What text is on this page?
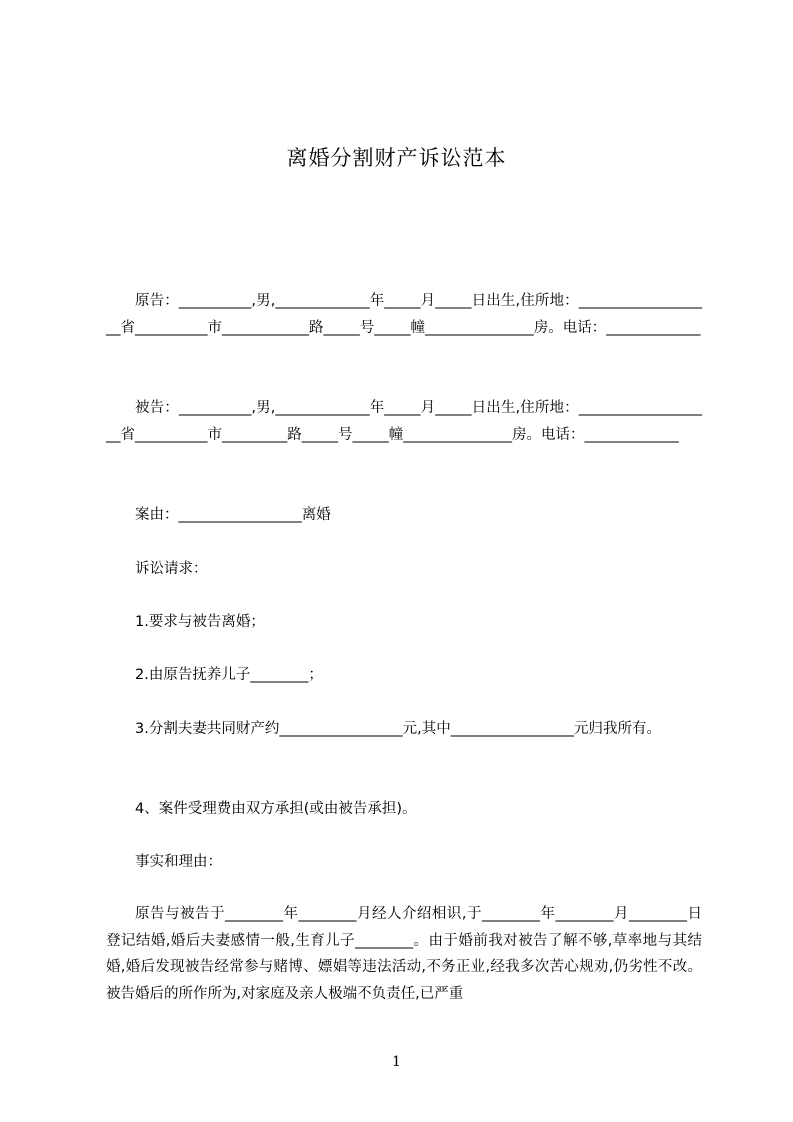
离婚分割财产诉讼范本
原告：__________,男,_____________年_____月_____日出生,住所地：___________________省__________市____________路_____号_____幢_______________房。电话：_____________
被告：__________,男,_____________年_____月_____日出生,住所地：___________________省__________市_________路_____号_____幢_______________房。电话：_____________
案由：_________________离婚
诉讼请求：
1.要求与被告离婚；
2.由原告抚养儿子________；
3.分割夫妻共同财产约_________________元,其中_________________元归我所有。
4、案件受理费由双方承担(或由被告承担)。
事实和理由：
原告与被告于________年________月经人介绍相识,于________年________月________日登记结婚,婚后夫妻感情一般,生育儿子________。由于婚前我对被告了解不够,草率地与其结婚,婚后发现被告经常参与赌博、嫖娼等违法活动,不务正业,经我多次苦心规劝,仍劣性不改。被告婚后的所作所为,对家庭及亲人极端不负责任,已严重
1
